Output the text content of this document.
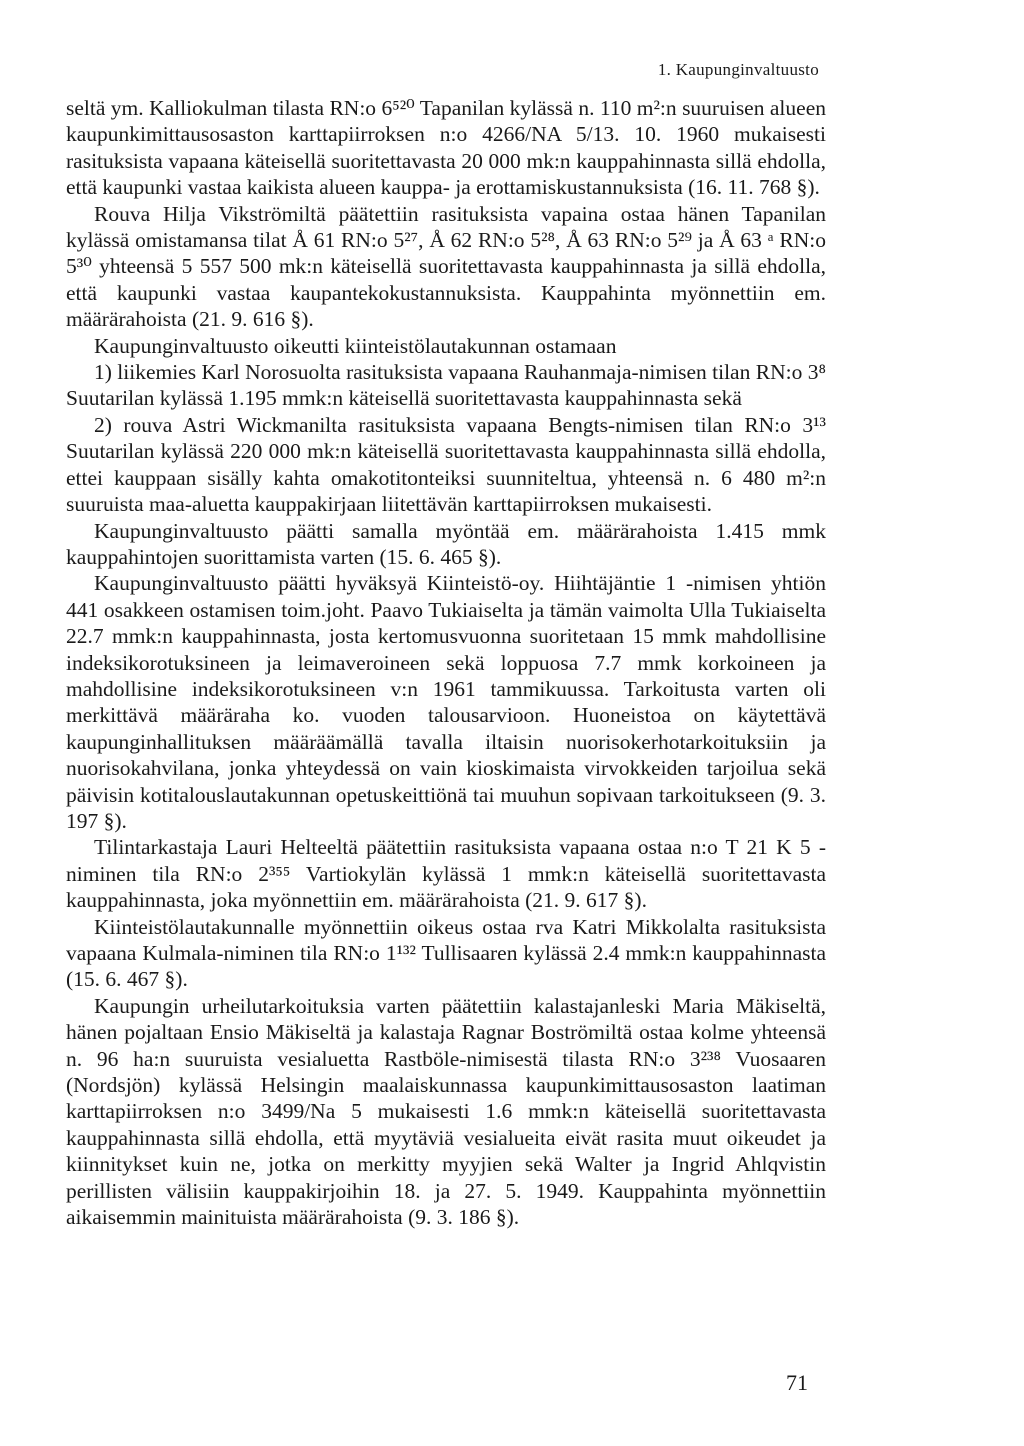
1. Kaupunginvaltuusto

seltä ym. Kalliokulman tilasta RN:o 6⁵²⁰ Tapanilan kylässä n. 110 m²:n suuruisen alueen kaupunkimittausosaston karttapiirroksen n:o 4266/NA 5/13. 10. 1960 mukaisesti rasituksista vapaana käteisellä suoritettavasta 20 000 mk:n kauppahinnasta sillä ehdolla, että kaupunki vastaa kaikista alueen kauppa- ja erottamiskustannuksista (16. 11. 768 §).

Rouva Hilja Vikströmiltä päätettiin rasituksista vapaina ostaa hänen Tapanilan kylässä omistamansa tilat Å 61 RN:o 5²⁷, Å 62 RN:o 5²⁸, Å 63 RN:o 5²⁹ ja Å 63 ᵃ RN:o 5³⁰ yhteensä 5 557 500 mk:n käteisellä suoritettavasta kauppahinnasta ja sillä ehdolla, että kaupunki vastaa kaupantekokustannuksista. Kauppahinta myönnettiin em. määrärahoista (21. 9. 616 §).

Kaupunginvaltuusto oikeutti kiinteistölautakunnan ostamaan

1) liikemies Karl Norosuolta rasituksista vapaana Rauhanmaja-nimisen tilan RN:o 3⁸ Suutarilan kylässä 1.195 mmk:n käteisellä suoritettavasta kauppahinnasta sekä

2) rouva Astri Wickmanilta rasituksista vapaana Bengts-nimisen tilan RN:o 3¹³ Suutarilan kylässä 220 000 mk:n käteisellä suoritettavasta kauppahinnasta sillä ehdolla, ettei kauppaan sisälly kahta omakotitonteiksi suunniteltua, yhteensä n. 6 480 m²:n suuruista maa-aluetta kauppakirjaan liitettävän karttapiirroksen mukaisesti.

Kaupunginvaltuusto päätti samalla myöntää em. määrärahoista 1.415 mmk kauppahintojen suorittamista varten (15. 6. 465 §).

Kaupunginvaltuusto päätti hyväksyä Kiinteistö-oy. Hiihtäjäntie 1 -nimisen yhtiön 441 osakkeen ostamisen toim.joht. Paavo Tukiaiselta ja tämän vaimolta Ulla Tukiaiselta 22.7 mmk:n kauppahinnasta, josta kertomusvuonna suoritetaan 15 mmk mahdollisine indeksikorotuksineen ja leimaveroineen sekä loppuosa 7.7 mmk korkoineen ja mahdollisine indeksikorotuksineen v:n 1961 tammikuussa. Tarkoitusta varten oli merkittävä määräraha ko. vuoden talousarvioon. Huoneistoa on käytettävä kaupunginhallituksen määräämällä tavalla iltaisin nuorisokerhotarkoituksiin ja nuorisokahvilana, jonka yhteydessä on vain kioskimaista virvokkeiden tarjoilua sekä päivisin kotitalouslautakunnan opetuskeittiönä tai muuhun sopivaan tarkoitukseen (9. 3. 197 §).

Tilintarkastaja Lauri Helteeltä päätettiin rasituksista vapaana ostaa n:o T 21 K 5 -niminen tila RN:o 2³⁵⁵ Vartiokylän kylässä 1 mmk:n käteisellä suoritettavasta kauppahinnasta, joka myönnettiin em. määrärahoista (21. 9. 617 §).

Kiinteistölautakunnalle myönnettiin oikeus ostaa rva Katri Mikkolalta rasituksista vapaana Kulmala-niminen tila RN:o 1¹³² Tullisaaren kylässä 2.4 mmk:n kauppahinnasta (15. 6. 467 §).

Kaupungin urheilutarkoituksia varten päätettiin kalastajanleski Maria Mäkiseltä, hänen pojaltaan Ensio Mäkiseltä ja kalastaja Ragnar Boströmiltä ostaa kolme yhteensä n. 96 ha:n suuruista vesialuetta Rastböle-nimisestä tilasta RN:o 3²³⁸ Vuosaaren (Nordsjön) kylässä Helsingin maalaiskunnassa kaupunkimittausosaston laatiman karttapiirroksen n:o 3499/Na 5 mukaisesti 1.6 mmk:n käteisellä suoritettavasta kauppahinnasta sillä ehdolla, että myytäviä vesialueita eivät rasita muut oikeudet ja kiinnitykset kuin ne, jotka on merkitty myyjien sekä Walter ja Ingrid Ahlqvistin perillisten välisiin kauppakirjoihin 18. ja 27. 5. 1949. Kauppahinta myönnettiin aikaisemmin mainituista määrärahoista (9. 3. 186 §).

71
